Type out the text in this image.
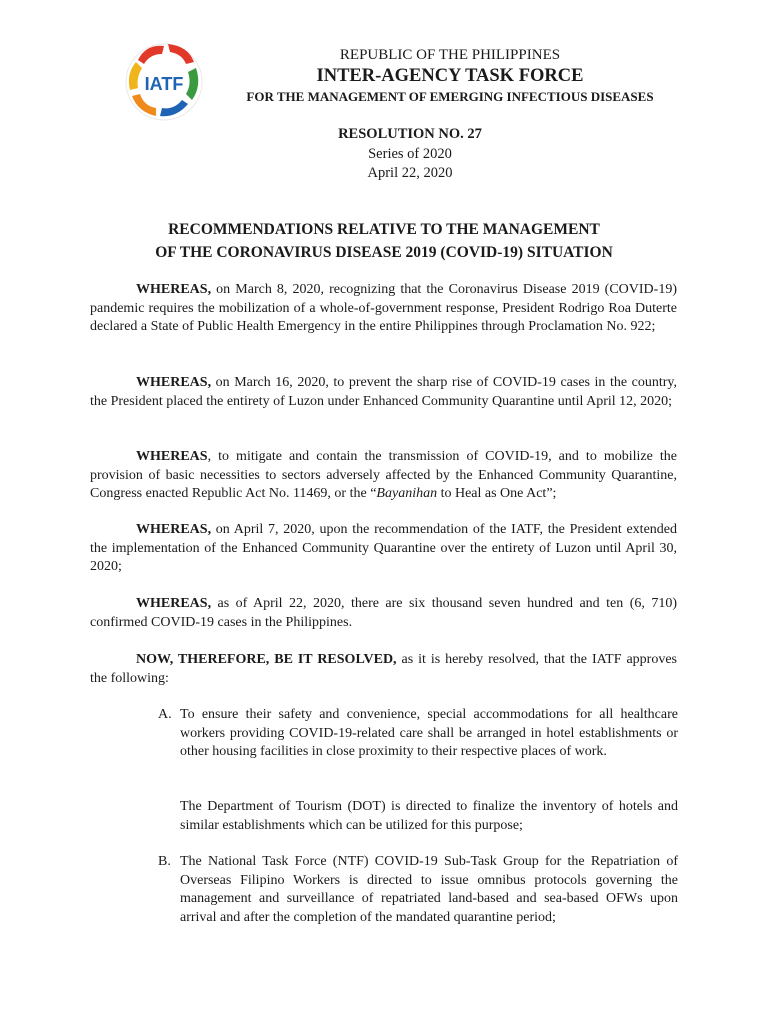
IATF

REPUBLIC OF THE PHILIPPINES

INTER-AGENCY TASK FORCE

FOR THE MANAGEMENT OF EMERGING INFECTIOUS DISEASES

RESOLUTION NO. 27
Series of 2020
April 22, 2020
RECOMMENDATIONS RELATIVE TO THE MANAGEMENT
OF THE CORONAVIRUS DISEASE 2019 (COVID-19) SITUATION

WHEREAS, on March 8, 2020, recognizing that the Coronavirus Disease 2019 (COVID-19) pandemic requires the mobilization of a whole-of-government response, President Rodrigo Roa Duterte declared a State of Public Health Emergency in the entire Philippines through Proclamation No. 922;

WHEREAS, on March 16, 2020, to prevent the sharp rise of COVID-19 cases in the country, the President placed the entirety of Luzon under Enhanced Community Quarantine until April 12, 2020;

WHEREAS, to mitigate and contain the transmission of COVID-19, and to mobilize the provision of basic necessities to sectors adversely affected by the Enhanced Community Quarantine, Congress enacted Republic Act No. 11469, or the “Bayanihan to Heal as One Act”;

WHEREAS, on April 7, 2020, upon the recommendation of the IATF, the President extended the implementation of the Enhanced Community Quarantine over the entirety of Luzon until April 30, 2020;

WHEREAS, as of April 22, 2020, there are six thousand seven hundred and ten (6, 710) confirmed COVID-19 cases in the Philippines.

NOW, THEREFORE, BE IT RESOLVED, as it is hereby resolved, that the IATF approves the following:

A. To ensure their safety and convenience, special accommodations for all healthcare workers providing COVID-19-related care shall be arranged in hotel establishments or other housing facilities in close proximity to their respective places of work.

The Department of Tourism (DOT) is directed to finalize the inventory of hotels and similar establishments which can be utilized for this purpose;

B. The National Task Force (NTF) COVID-19 Sub-Task Group for the Repatriation of Overseas Filipino Workers is directed to issue omnibus protocols governing the management and surveillance of repatriated land-based and sea-based OFWs upon arrival and after the completion of the mandated quarantine period;
